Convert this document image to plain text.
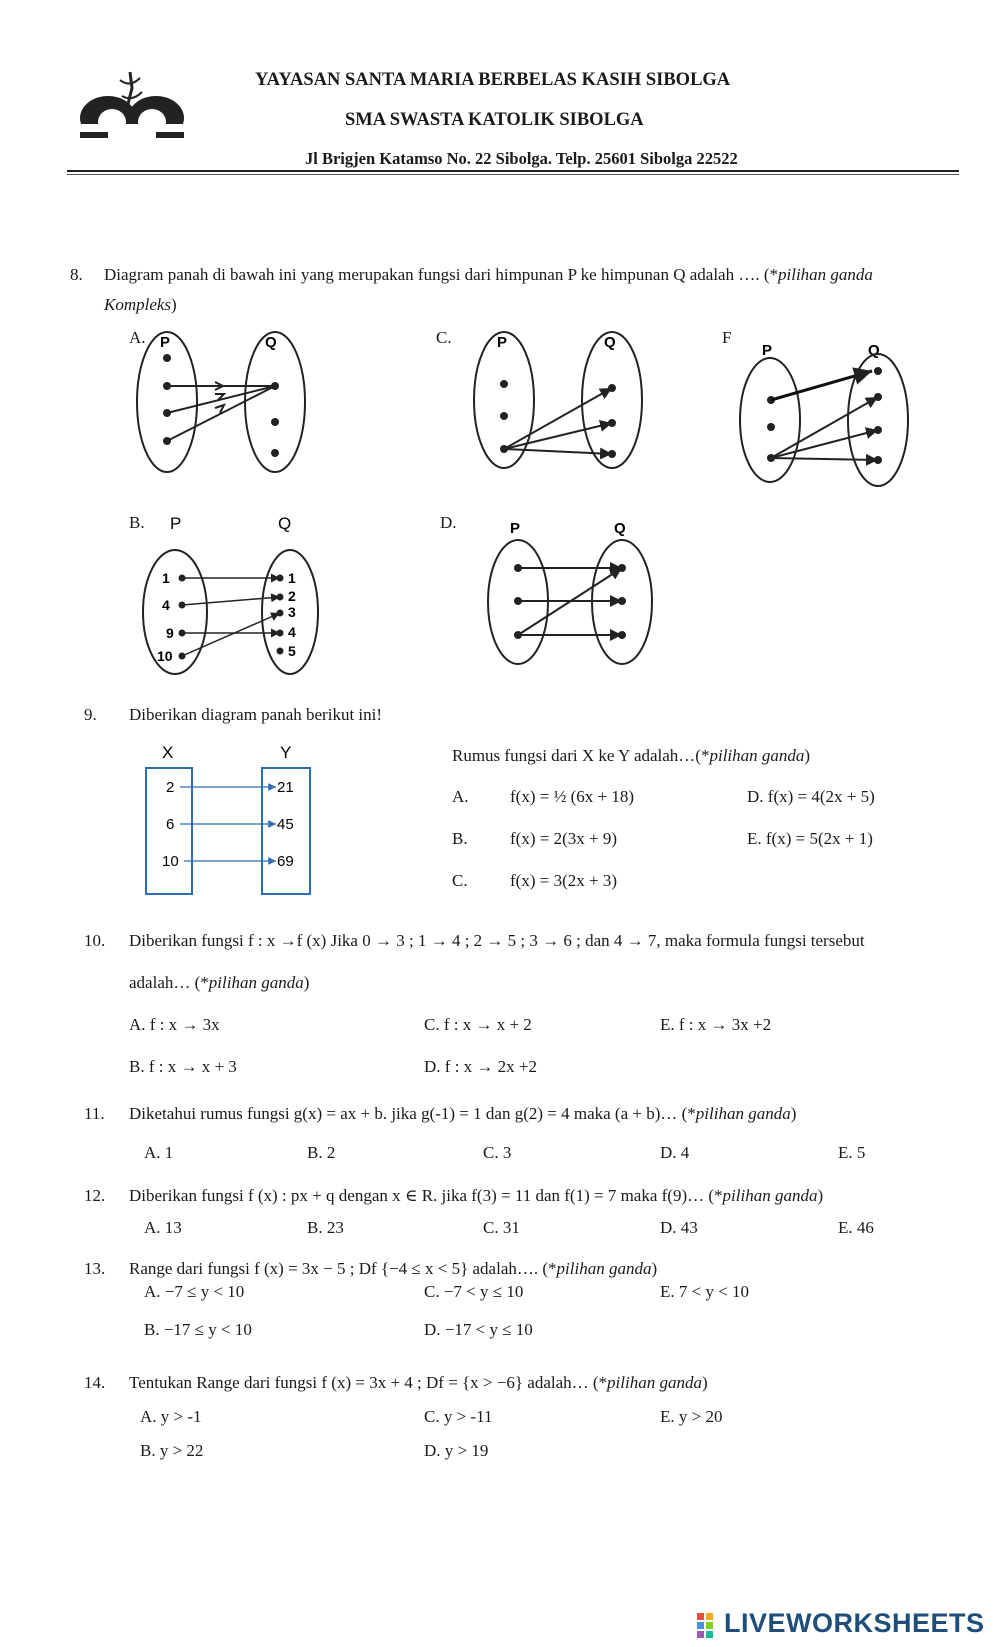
YAYASAN SANTA MARIA BERBELAS KASIH SIBOLGA
SMA SWASTA KATOLIK SIBOLGA
Jl Brigjen Katamso No. 22 Sibolga. Telp. 25601 Sibolga 22522
8. Diagram panah di bawah ini yang merupakan fungsi dari himpunan P ke himpunan Q adalah …. (*pilihan ganda
Kompleks)
A.	C.	F
B.	D.
P	Q	P	Q	P	Q
P	Q
1
4
9
10
1
2
3
4
5
P	Q
9. Diberikan diagram panah berikut ini!
X	Y
2
6
10
21
45
69
Rumus fungsi dari X ke Y adalah…(*pilihan ganda)
A. f(x) = ½ (6x + 18)
B. f(x) = 2(3x + 9)
C. f(x) = 3(2x + 3)
D. f(x) = 4(2x + 5)
E. f(x) = 5(2x + 1)
10. Diberikan fungsi f : x →f (x) Jika 0 → 3 ; 1 → 4 ; 2 → 5 ; 3 → 6 ; dan 4 → 7, maka formula fungsi tersebut
adalah… (*pilihan ganda)
A. f : x → 3x
B. f : x → x + 3
C. f : x → x + 2
D. f : x → 2x +2
E. f : x → 3x +2
11. Diketahui rumus fungsi g(x) = ax + b. jika g(-1) = 1 dan g(2) = 4 maka (a + b)… (*pilihan ganda)
A. 1	B. 2	C. 3	D. 4	E. 5
12. Diberikan fungsi f (x) : px + q dengan x ∈ R. jika f(3) = 11 dan f(1) = 7 maka f(9)… (*pilihan ganda)
A. 13	B. 23	C. 31	D. 43	E. 46
13. Range dari fungsi f (x) = 3x − 5 ; Df {−4 ≤ x < 5} adalah…. (*pilihan ganda)
A. −7 ≤ y < 10
B. −17 ≤ y < 10
C. −7 < y ≤ 10
D. −17 < y ≤ 10
E. 7 < y < 10
14. Tentukan Range dari fungsi f (x) = 3x + 4 ; Df = {x > −6} adalah… (*pilihan ganda)
A. y > -1
B. y > 22
C. y > -11
D. y > 19
E. y > 20

LIVEWORKSHEETS
